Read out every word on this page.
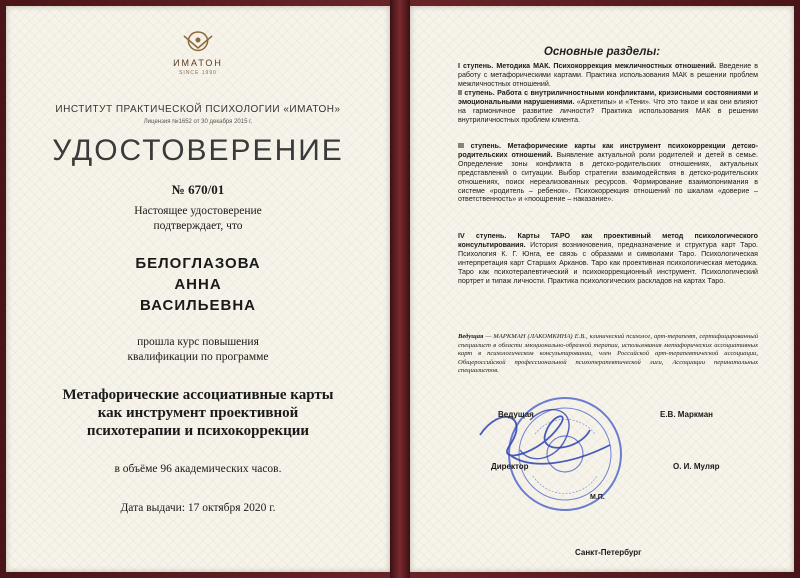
ИМАТОН
SINCE 1990
ИНСТИТУТ ПРАКТИЧЕСКОЙ ПСИХОЛОГИИ «ИМАТОН»
Лицензия №1652 от 30 декабря 2015 г.
УДОСТОВЕРЕНИЕ
№ 670/01
Настоящее удостоверение
подтверждает, что
БЕЛОГЛАЗОВА
АННА
ВАСИЛЬЕВНА
прошла курс повышения
квалификации по программе
Метафорические ассоциативные карты
как инструмент проективной
психотерапии и психокоррекции
в объёме 96 академических часов.
Дата выдачи: 17 октября 2020 г.
Основные разделы:
I ступень. Методика МАК. Психокоррекция межличностных отношений. Введение в работу с метафорическими картами. Практика использования МАК в решении проблем межличностных отношений.
II ступень. Работа с внутриличностными конфликтами, кризисными состояниями и эмоциональными нарушениями. «Архетипы» и «Тени». Что это такое и как они влияют на гармоничное развитие личности? Практика использования МАК в решении внутриличностных проблем клиента.
III ступень. Метафорические карты как инструмент психокоррекции детско-родительских отношений. Выявление актуальной роли родителей и детей в семье. Определение зоны конфликта в детско-родительских отношениях, актуальных представлений о ситуации. Выбор стратегии взаимодействия в детско-родительских отношениях, поиск нереализованных ресурсов. Формирование взаимопонимания в системе «родитель – ребенок». Психокоррекция отношений по шкалам «доверие – ответственность» и «поощрение – наказание».
IV ступень. Карты ТАРО как проективный метод психологического консультирования. История возникновения, предназначение и структура карт Таро. Психология К. Г. Юнга, ее связь с образами и символами Таро. Психологическая интерпретация карт Старших Арканов. Таро как проективная психологическая методика. Таро как психотерапевтический и психокоррекционный инструмент. Психологический портрет и типаж личности. Практика психологических раскладов на картах Таро.
Ведущая — МАРКМАН (ЛАКОМКИНА) Е.В., клинический психолог, арт-терапевт, сертифицированный специалист в области эмоционально-образной терапии, использования метафорических ассоциативных карт в психологическом консультировании, член Российской арт-терапевтической ассоциации, Общероссийской профессиональной психотерапевтической лиги, Ассоциации перинатальных специалистов.
Ведущая	Е.В. Маркман
Директор	О. И. Муляр
М.П.
Санкт-Петербург
